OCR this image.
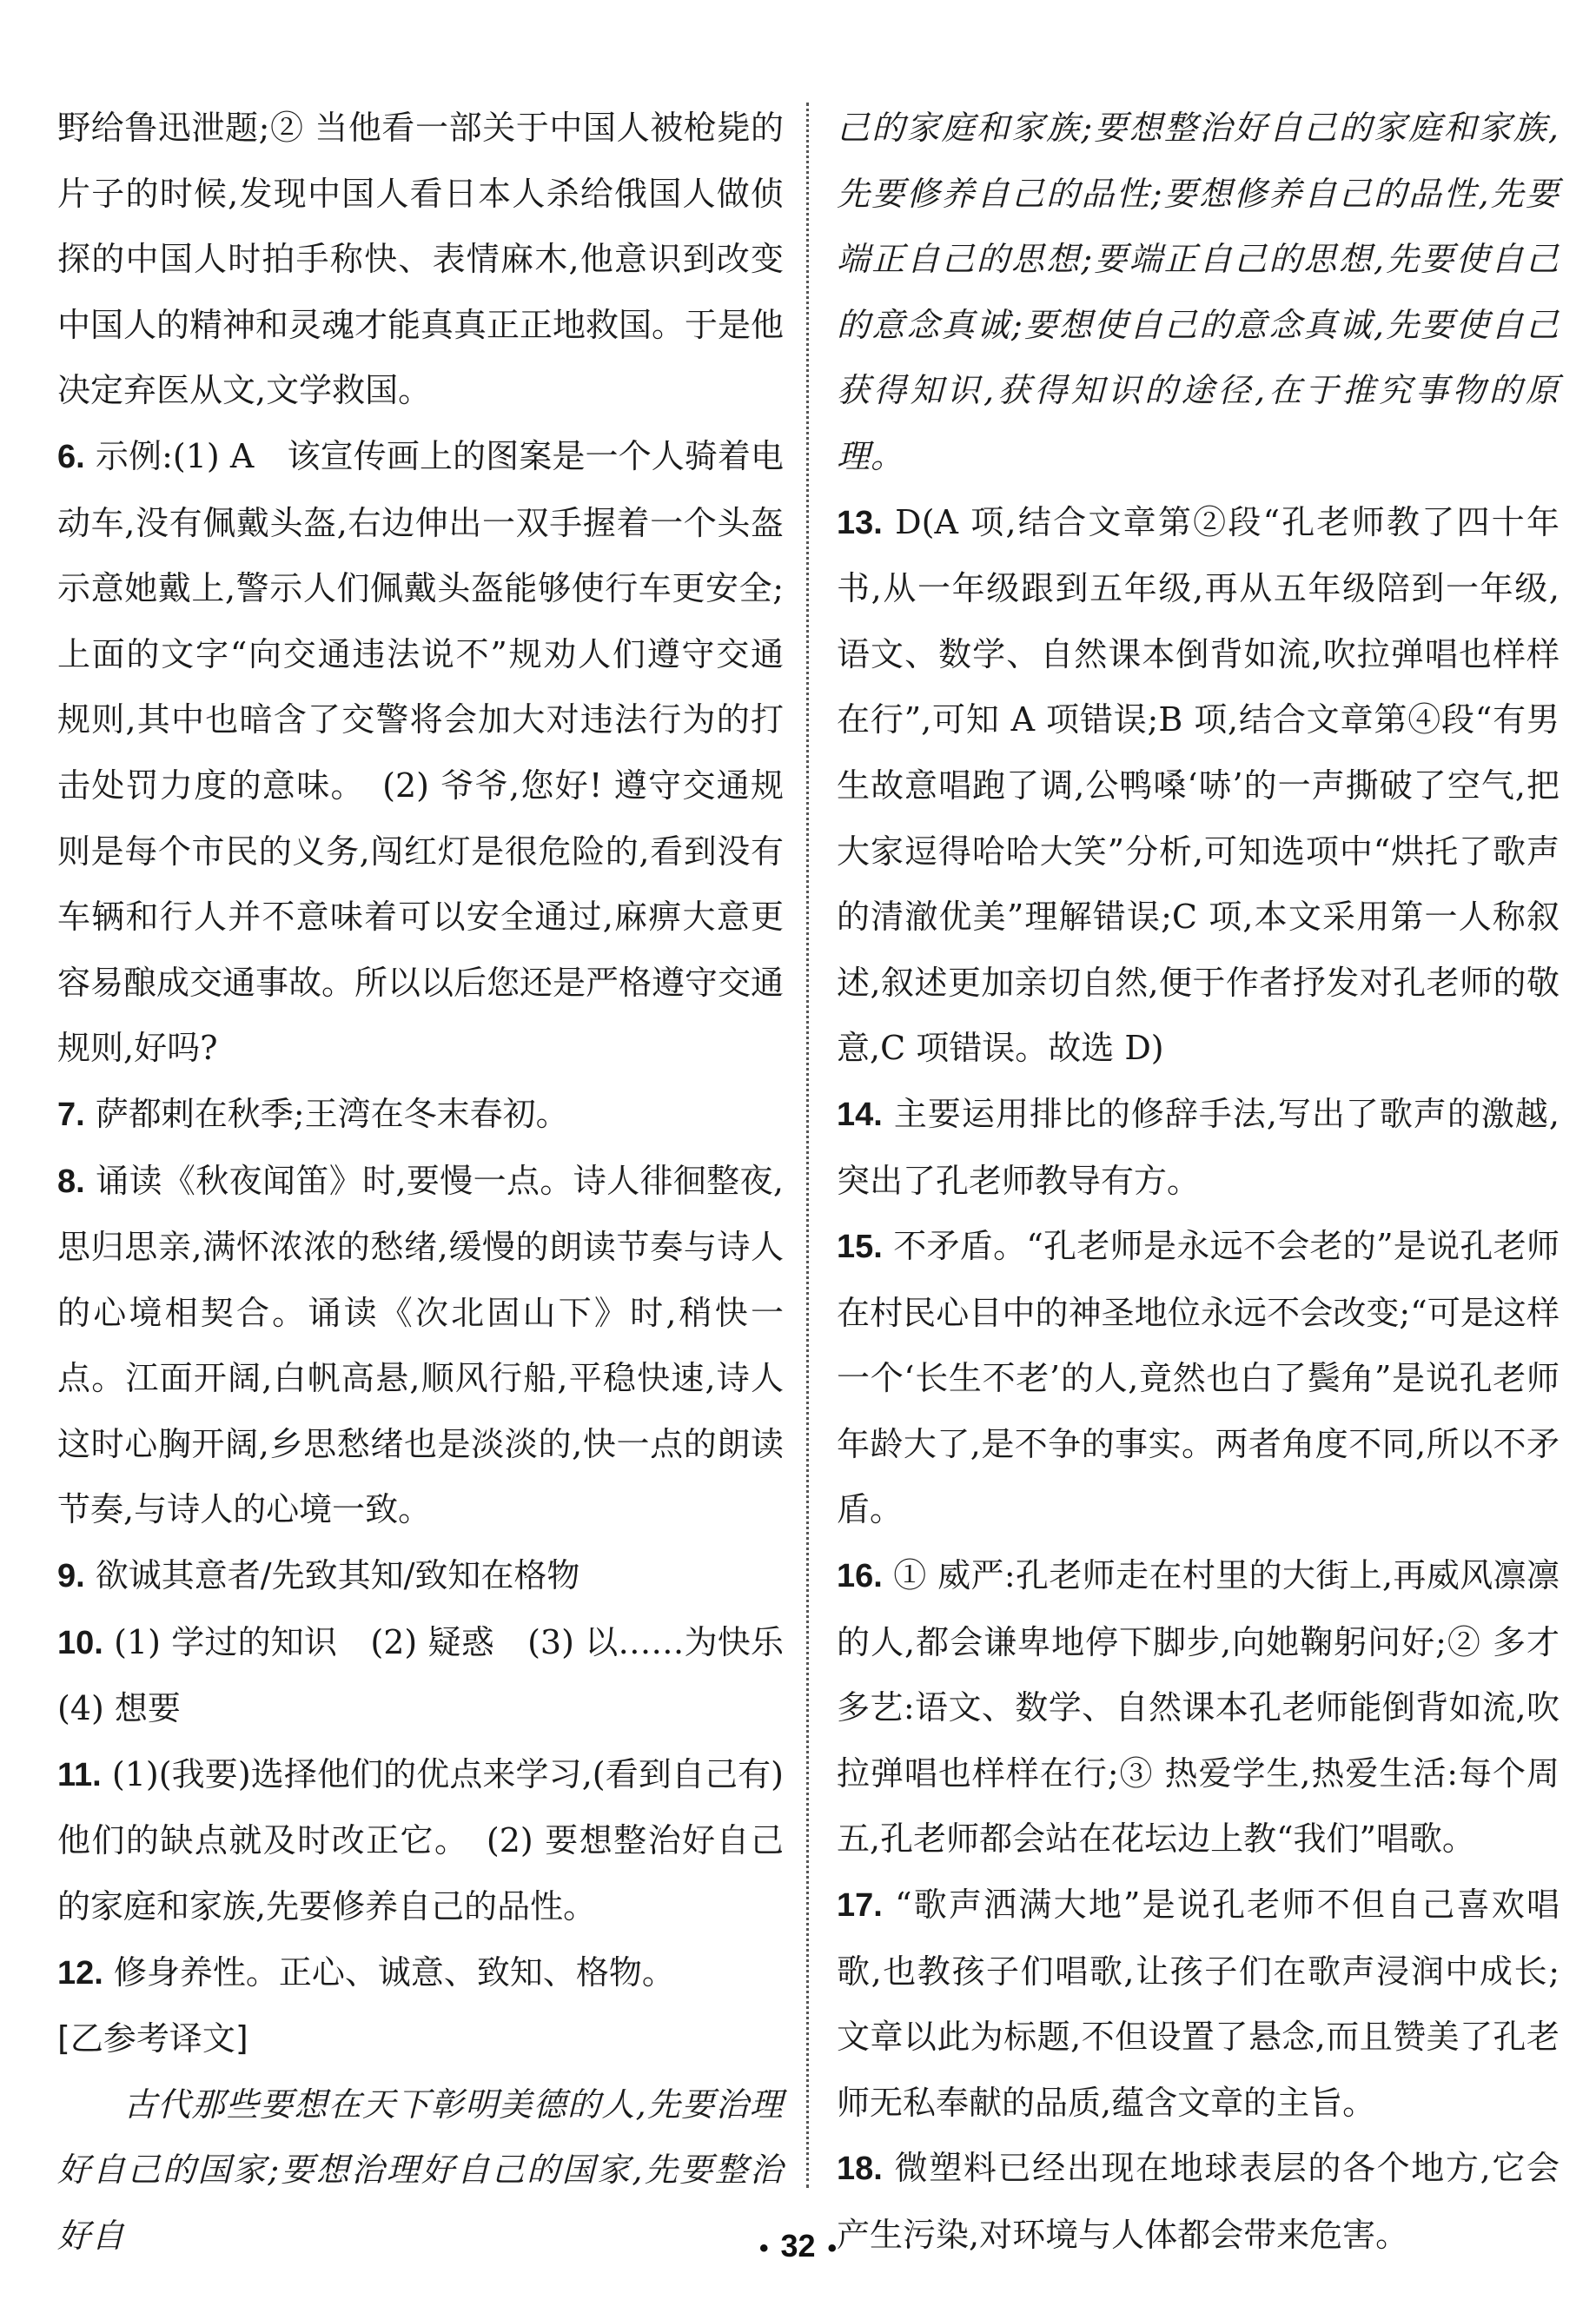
野给鲁迅泄题;② 当他看一部关于中国人被枪毙的片子的时候,发现中国人看日本人杀给俄国人做侦探的中国人时拍手称快、表情麻木,他意识到改变中国人的精神和灵魂才能真真正正地救国。于是他决定弃医从文,文学救国。

6. 示例:(1) A　该宣传画上的图案是一个人骑着电动车,没有佩戴头盔,右边伸出一双手握着一个头盔示意她戴上,警示人们佩戴头盔能够使行车更安全;上面的文字“向交通违法说不”规劝人们遵守交通规则,其中也暗含了交警将会加大对违法行为的打击处罚力度的意味。　(2) 爷爷,您好! 遵守交通规则是每个市民的义务,闯红灯是很危险的,看到没有车辆和行人并不意味着可以安全通过,麻痹大意更容易酿成交通事故。所以以后您还是严格遵守交通规则,好吗?

7. 萨都剌在秋季;王湾在冬末春初。

8. 诵读《秋夜闻笛》时,要慢一点。诗人徘徊整夜,思归思亲,满怀浓浓的愁绪,缓慢的朗读节奏与诗人的心境相契合。诵读《次北固山下》时,稍快一点。江面开阔,白帆高悬,顺风行船,平稳快速,诗人这时心胸开阔,乡思愁绪也是淡淡的,快一点的朗读节奏,与诗人的心境一致。

9. 欲诚其意者/先致其知/致知在格物

10. (1) 学过的知识　(2) 疑惑　(3) 以……为快乐　(4) 想要

11. (1)(我要)选择他们的优点来学习,(看到自己有)他们的缺点就及时改正它。　(2) 要想整治好自己的家庭和家族,先要修养自己的品性。

12. 修身养性。正心、诚意、致知、格物。

[乙参考译文]

古代那些要想在天下彰明美德的人,先要治理好自己的国家;要想治理好自己的国家,先要整治好自

己的家庭和家族;要想整治好自己的家庭和家族,先要修养自己的品性;要想修养自己的品性,先要端正自己的思想;要端正自己的思想,先要使自己的意念真诚;要想使自己的意念真诚,先要使自己获得知识,获得知识的途径,在于推究事物的原理。

13. D(A 项,结合文章第②段“孔老师教了四十年书,从一年级跟到五年级,再从五年级陪到一年级,语文、数学、自然课本倒背如流,吹拉弹唱也样样在行”,可知 A 项错误;B 项,结合文章第④段“有男生故意唱跑了调,公鸭嗓‘哧’的一声撕破了空气,把大家逗得哈哈大笑”分析,可知选项中“烘托了歌声的清澈优美”理解错误;C 项,本文采用第一人称叙述,叙述更加亲切自然,便于作者抒发对孔老师的敬意,C 项错误。故选 D)

14. 主要运用排比的修辞手法,写出了歌声的激越,突出了孔老师教导有方。

15. 不矛盾。“孔老师是永远不会老的”是说孔老师在村民心目中的神圣地位永远不会改变;“可是这样一个‘长生不老’的人,竟然也白了鬓角”是说孔老师年龄大了,是不争的事实。两者角度不同,所以不矛盾。

16. ① 威严:孔老师走在村里的大街上,再威风凛凛的人,都会谦卑地停下脚步,向她鞠躬问好;② 多才多艺:语文、数学、自然课本孔老师能倒背如流,吹拉弹唱也样样在行;③ 热爱学生,热爱生活:每个周五,孔老师都会站在花坛边上教“我们”唱歌。

17. “歌声洒满大地”是说孔老师不但自己喜欢唱歌,也教孩子们唱歌,让孩子们在歌声浸润中成长;文章以此为标题,不但设置了悬念,而且赞美了孔老师无私奉献的品质,蕴含文章的主旨。

18. 微塑料已经出现在地球表层的各个地方,它会产生污染,对环境与人体都会带来危害。

• 32 •
